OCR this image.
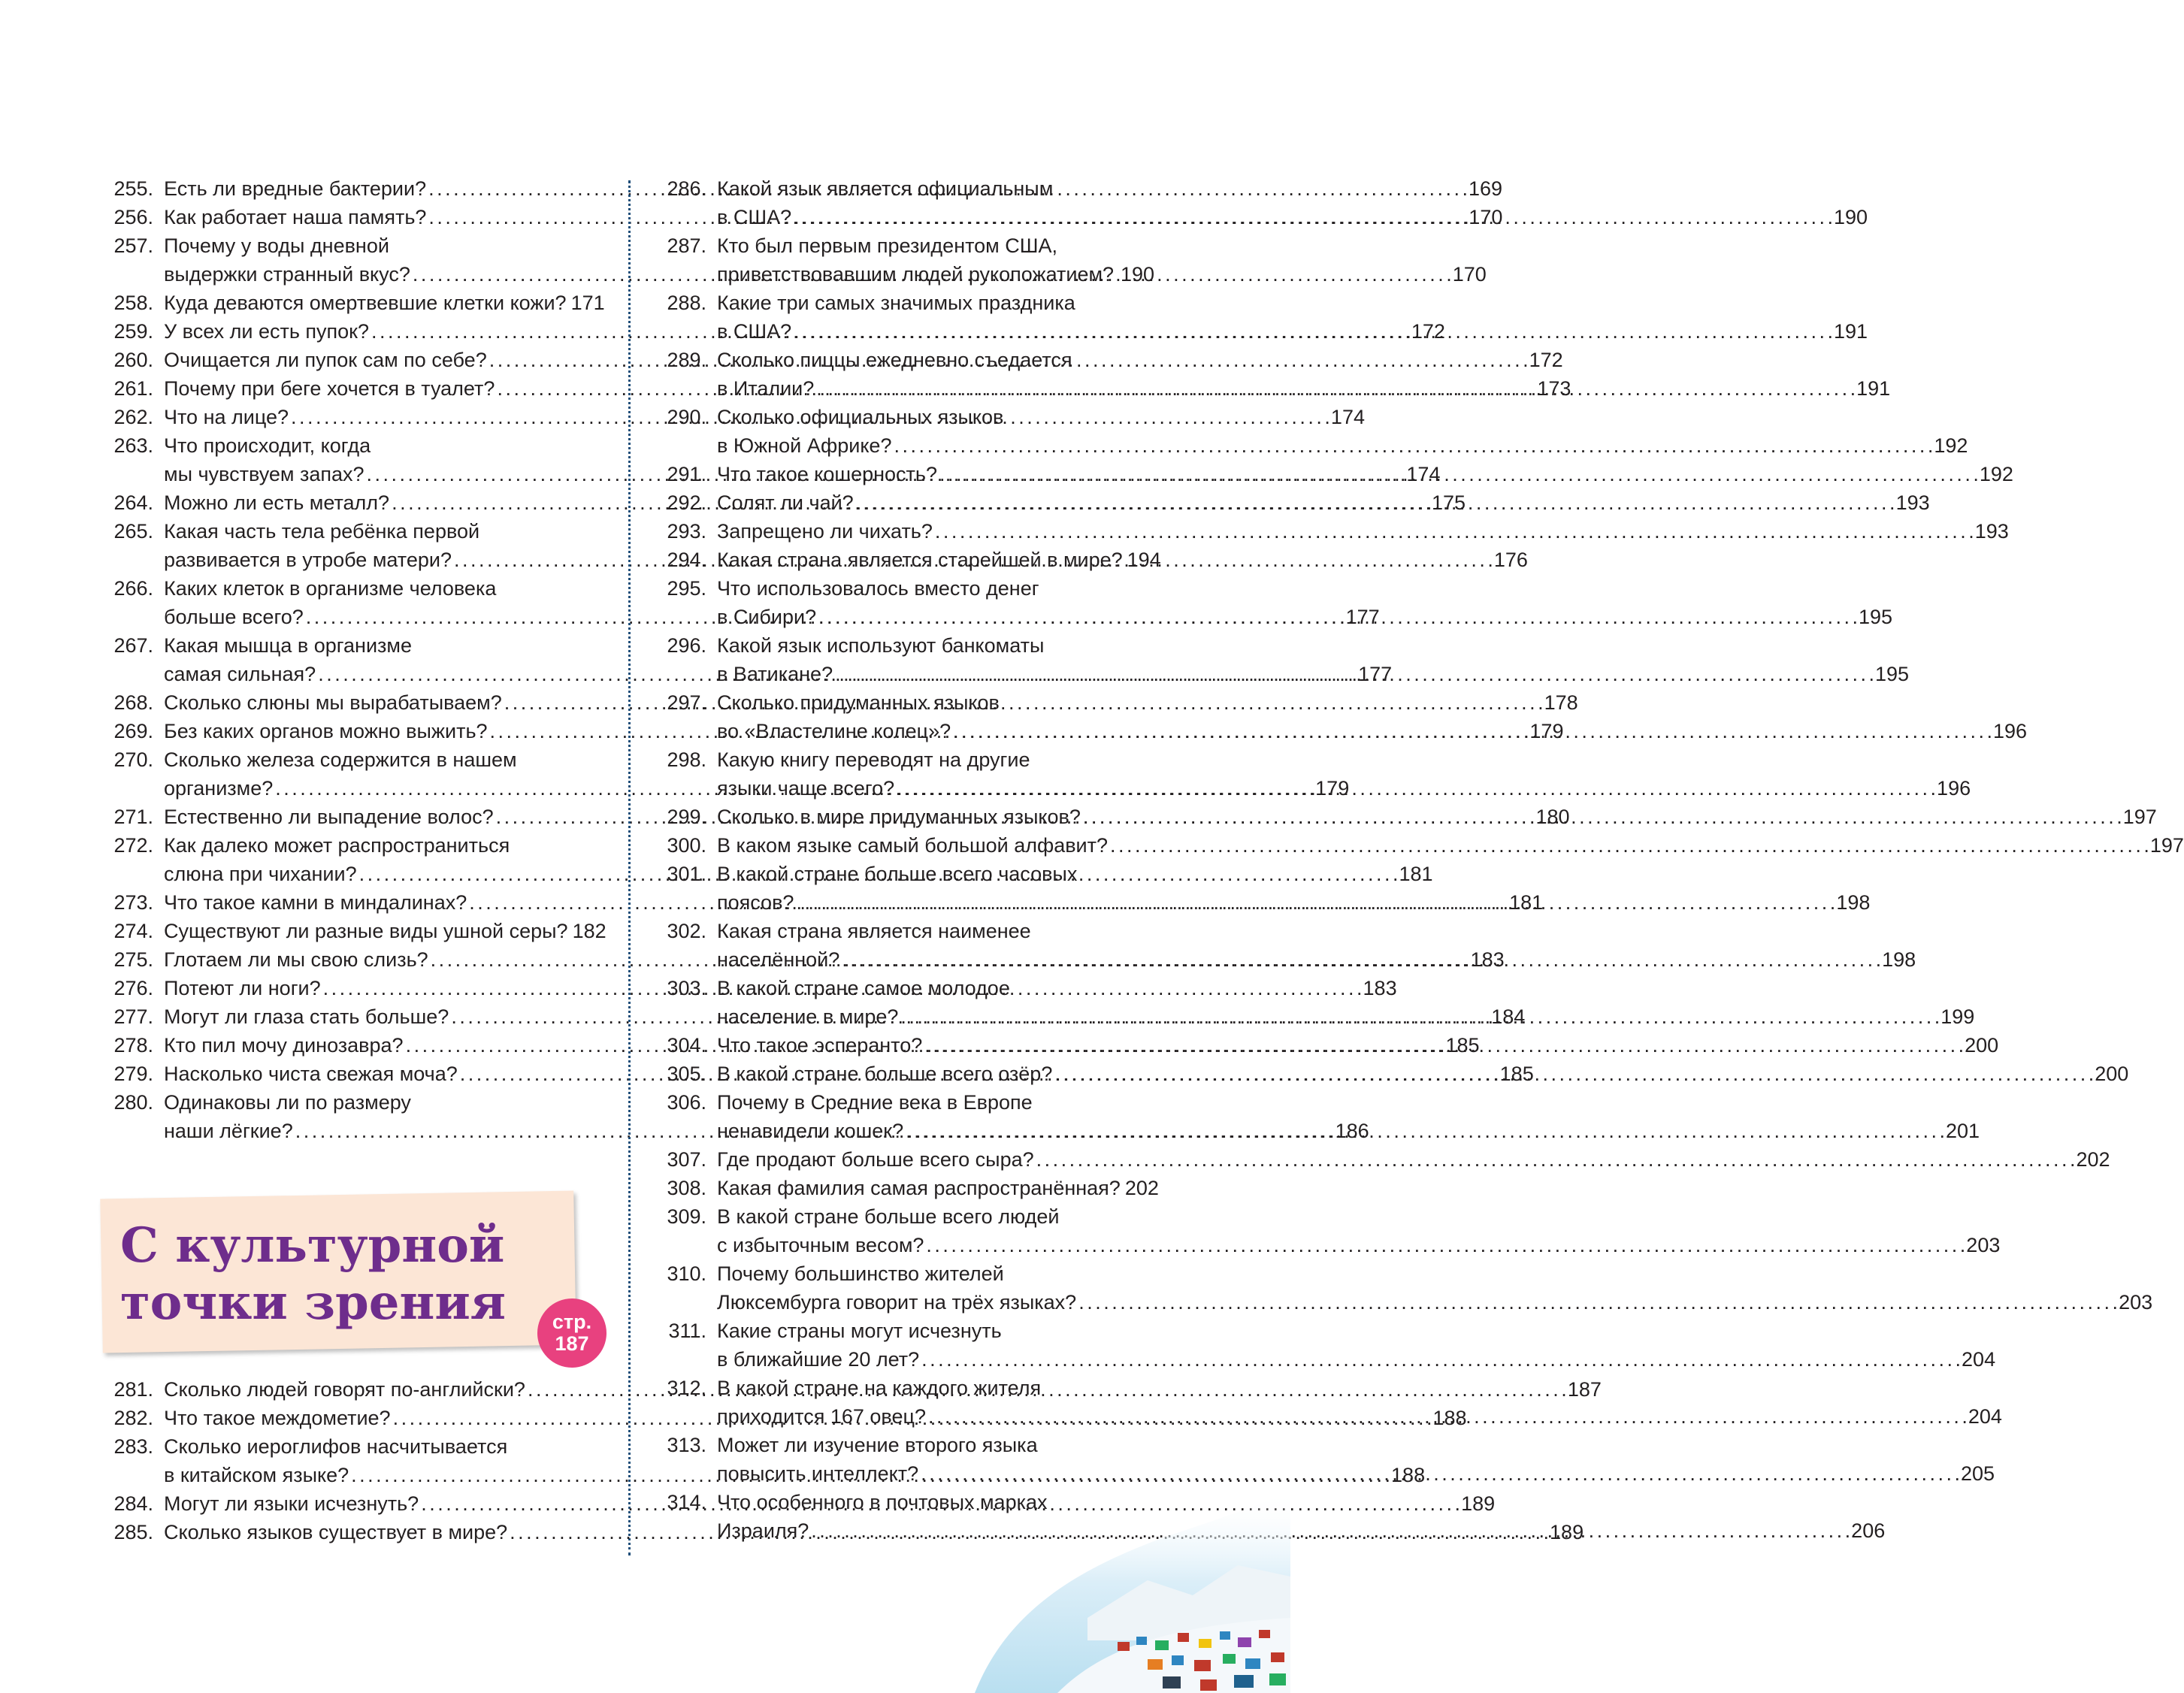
255. Есть ли вредные бактерии? . . .	169
256. Как работает наша память? . . .	170
257. Почему у воды дневной
выдержки странный вкус? . . .	170
258. Куда деваются омертвевшие клетки кожи? 171
259. У всех ли есть пупок? . . .	172
260. Очищается ли пупок сам по себе? . . .	172
261. Почему при беге хочется в туалет? . . .	173
262. Что на лице? . . .	174
263. Что происходит, когда
мы чувствуем запах? . . .	174
264. Можно ли есть металл? . . .	175
265. Какая часть тела ребёнка первой
развивается в утробе матери? . . .	176
266. Каких клеток в организме человека
больше всего? . . .	177
267. Какая мышца в организме
самая сильная? . . .	177
268. Сколько слюны мы вырабатываем? . . .	178
269. Без каких органов можно выжить? . . .	179
270. Сколько железа содержится в нашем
организме? . . .	179
271. Естественно ли выпадение волос? . . .	180
272. Как далеко может распространиться
слюна при чихании? . . .	181
273. Что такое камни в миндалинах? . . .	181
274. Существуют ли разные виды ушной серы? 182
275. Глотаем ли мы свою слизь? . . .	183
276. Потеют ли ноги? . . .	183
277. Могут ли глаза стать больше? . . .	184
278. Кто пил мочу динозавра? . . .	185
279. Насколько чиста свежая моча? . . .	185
280. Одинаковы ли по размеру
наши лёгкие? . . .	186
С культурной
точки зрения	стр.
187
281. Сколько людей говорят по-английски? . . .	187
282. Что такое междометие? . . .	188
283. Сколько иероглифов насчитывается
в китайском языке? . . .	188
284. Могут ли языки исчезнуть? . . .	189
285. Сколько языков существует в мире? . . .	189
286. Какой язык является официальным
в США? . . .	190
287. Кто был первым президентом США,
приветствовавшим людей рукопожатием? 190
288. Какие три самых значимых праздника
в США? . . .	191
289. Сколько пиццы ежедневно съедается
в Италии? . . .	191
290. Сколько официальных языков
в Южной Африке? . . .	192
291. Что такое кошерность? . . .	192
292. Солят ли чай? . . .	193
293. Запрещено ли чихать? . . .	193
294. Какая страна является старейшей в мире? 194
295. Что использовалось вместо денег
в Сибири? . . .	195
296. Какой язык используют банкоматы
в Ватикане? . . .	195
297. Сколько придуманных языков
во «Властелине колец»? . . .	196
298. Какую книгу переводят на другие
языки чаще всего? . . .	196
299. Сколько в мире придуманных языков? . . .	197
300. В каком языке самый большой алфавит? . . .	197
301. В какой стране больше всего часовых
поясов? . . .	198
302. Какая страна является наименее
населённой? . . .	198
303. В какой стране самое молодое
население в мире? . . .	199
304. Что такое эсперанто? . . .	200
305. В какой стране больше всего озёр? . . .	200
306. Почему в Средние века в Европе
ненавидели кошек? . . .	201
307. Где продают больше всего сыра? . . .	202
308. Какая фамилия самая распространённая? 202
309. В какой стране больше всего людей
с избыточным весом? . . .	203
310. Почему большинство жителей
Люксембурга говорит на трёх языках? . . .	203
311. Какие страны могут исчезнуть
в ближайшие 20 лет? . . .	204
312. В какой стране на каждого жителя
приходится 167 овец? . . .	204
313. Может ли изучение второго языка
повысить интеллект? . . .	205
314. Что особенного в почтовых марках
Израиля? . . .	206
